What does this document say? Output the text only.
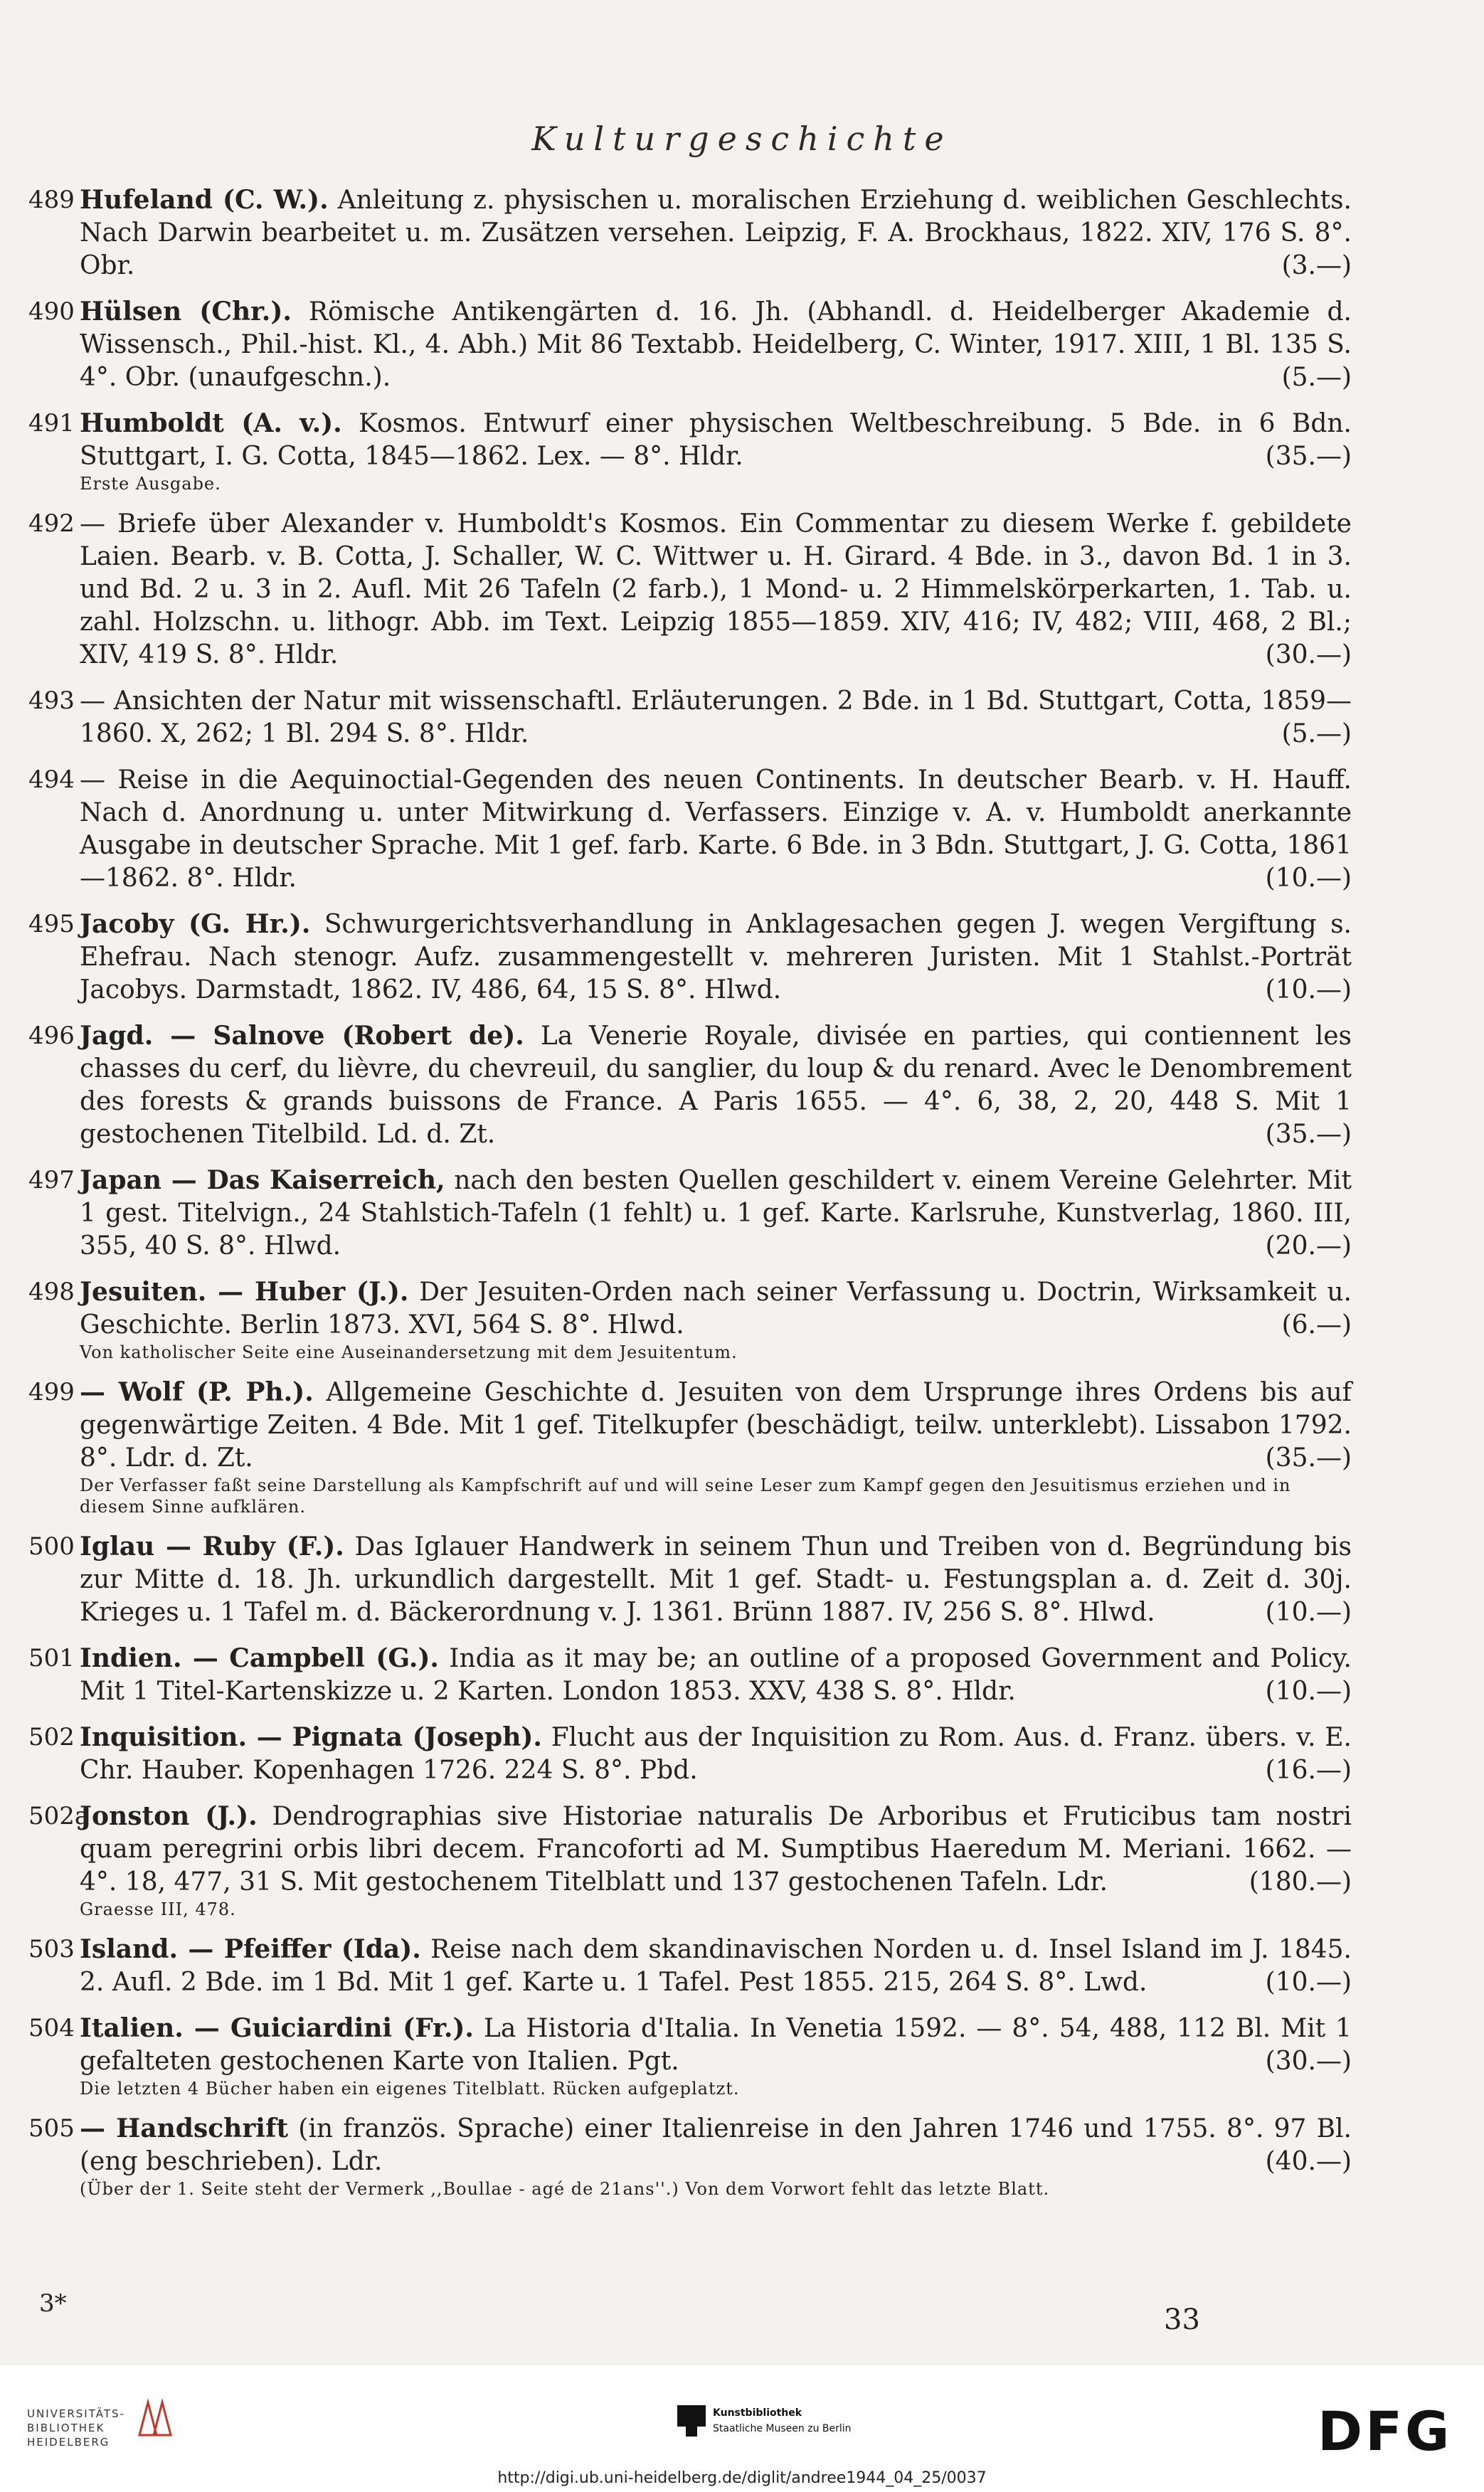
Kulturgeschichte
489 Hufeland (C. W.). Anleitung z. physischen u. moralischen Erziehung d. weiblichen Geschlechts. Nach Darwin bearbeitet u. m. Zusätzen versehen. Leipzig, F. A. Brockhaus, 1822. XIV, 176 S. 8°. Obr.	(3.—)
490 Hülsen (Chr.). Römische Antikengärten d. 16. Jh. (Abhandl. d. Heidelberger Akademie d. Wissensch., Phil.-hist. Kl., 4. Abh.) Mit 86 Textabb. Heidelberg, C. Winter, 1917. XIII, 1 Bl. 135 S. 4°. Obr. (unaufgeschn.).	(5.—)
491 Humboldt (A. v.). Kosmos. Entwurf einer physischen Weltbeschreibung. 5 Bde. in 6 Bdn. Stuttgart, I. G. Cotta, 1845—1862. Lex. — 8°. Hldr.	(35.—)
Erste Ausgabe.
492 — Briefe über Alexander v. Humboldt's Kosmos. Ein Commentar zu diesem Werke f. gebildete Laien. Bearb. v. B. Cotta, J. Schaller, W. C. Wittwer u. H. Girard. 4 Bde. in 3., davon Bd. 1 in 3. und Bd. 2 u. 3 in 2. Aufl. Mit 26 Tafeln (2 farb.), 1 Mond- u. 2 Himmelskörperkarten, 1. Tab. u. zahl. Holzschn. u. lithogr. Abb. im Text. Leipzig 1855—1859. XIV, 416; IV, 482; VIII, 468, 2 Bl.; XIV, 419 S. 8°. Hldr.	(30.—)
493 — Ansichten der Natur mit wissenschaftl. Erläuterungen. 2 Bde. in 1 Bd. Stuttgart, Cotta, 1859—1860. X, 262; 1 Bl. 294 S. 8°. Hldr.	(5.—)
494 — Reise in die Aequinoctial-Gegenden des neuen Continents. In deutscher Bearb. v. H. Hauff. Nach d. Anordnung u. unter Mitwirkung d. Verfassers. Einzige v. A. v. Humboldt anerkannte Ausgabe in deutscher Sprache. Mit 1 gef. farb. Karte. 6 Bde. in 3 Bdn. Stuttgart, J. G. Cotta, 1861—1862. 8°. Hldr.	(10.—)
495 Jacoby (G. Hr.). Schwurgerichtsverhandlung in Anklagesachen gegen J. wegen Vergiftung s. Ehefrau. Nach stenogr. Aufz. zusammengestellt v. mehreren Juristen. Mit 1 Stahlst.-Porträt Jacobys. Darmstadt, 1862. IV, 486, 64, 15 S. 8°. Hlwd.	(10.—)
496 Jagd. — Salnove (Robert de). La Venerie Royale, divisée en parties, qui contiennent les chasses du cerf, du lièvre, du chevreuil, du sanglier, du loup & du renard. Avec le Denombrement des forests & grands buissons de France. A Paris 1655. — 4°. 6, 38, 2, 20, 448 S. Mit 1 gestochenen Titelbild. Ld. d. Zt.	(35.—)
497 Japan — Das Kaiserreich, nach den besten Quellen geschildert v. einem Vereine Gelehrter. Mit 1 gest. Titelvign., 24 Stahlstich-Tafeln (1 fehlt) u. 1 gef. Karte. Karlsruhe, Kunstverlag, 1860. III, 355, 40 S. 8°. Hlwd.	(20.—)
498 Jesuiten. — Huber (J.). Der Jesuiten-Orden nach seiner Verfassung u. Doctrin, Wirksamkeit u. Geschichte. Berlin 1873. XVI, 564 S. 8°. Hlwd.	(6.—)
Von katholischer Seite eine Auseinandersetzung mit dem Jesuitentum.
499 — Wolf (P. Ph.). Allgemeine Geschichte d. Jesuiten von dem Ursprunge ihres Ordens bis auf gegenwärtige Zeiten. 4 Bde. Mit 1 gef. Titelkupfer (beschädigt, teilw. unterklebt). Lissabon 1792. 8°. Ldr. d. Zt.	(35.—)
Der Verfasser faßt seine Darstellung als Kampfschrift auf und will seine Leser zum Kampf gegen den Jesuitismus erziehen und in diesem Sinne aufklären.
500 Iglau — Ruby (F.). Das Iglauer Handwerk in seinem Thun und Treiben von d. Begründung bis zur Mitte d. 18. Jh. urkundlich dargestellt. Mit 1 gef. Stadt- u. Festungsplan a. d. Zeit d. 30j. Krieges u. 1 Tafel m. d. Bäckerordnung v. J. 1361. Brünn 1887. IV, 256 S. 8°. Hlwd.	(10.—)
501 Indien. — Campbell (G.). India as it may be; an outline of a proposed Government and Policy. Mit 1 Titel-Kartenskizze u. 2 Karten. London 1853. XXV, 438 S. 8°. Hldr.	(10.—)
502 Inquisition. — Pignata (Joseph). Flucht aus der Inquisition zu Rom. Aus. d. Franz. übers. v. E. Chr. Hauber. Kopenhagen 1726. 224 S. 8°. Pbd.	(16.—)
502a
Jonston (J.). Dendrographias sive Historiae naturalis De Arboribus et Fruticibus tam nostri quam peregrini orbis libri decem. Francoforti ad M. Sumptibus Haeredum M. Meriani. 1662. — 4°. 18, 477, 31 S. Mit gestochenem Titelblatt und 137 gestochenen Tafeln. Ldr.	(180.—)
Graesse III, 478.
503 Island. — Pfeiffer (Ida). Reise nach dem skandinavischen Norden u. d. Insel Island im J. 1845. 2. Aufl. 2 Bde. im 1 Bd. Mit 1 gef. Karte u. 1 Tafel. Pest 1855. 215, 264 S. 8°. Lwd.	(10.—)
504 Italien. — Guiciardini (Fr.). La Historia d'Italia. In Venetia 1592. — 8°. 54, 488, 112 Bl. Mit 1 gefalteten gestochenen Karte von Italien. Pgt.	(30.—)
Die letzten 4 Bücher haben ein eigenes Titelblatt. Rücken aufgeplatzt.
505 — Handschrift (in französ. Sprache) einer Italienreise in den Jahren 1746 und 1755. 8°. 97 Bl. (eng beschrieben). Ldr.	(40.—)
(Über der 1. Seite steht der Vermerk ,,Boullae - agé de 21ans''.) Von dem Vorwort fehlt das letzte Blatt.
3*	33
UNIVERSITÄTS-
BIBLIOTHEK
HEIDELBERG
Kunstbibliothek
Staatliche Museen zu Berlin	DFG
http://digi.ub.uni-heidelberg.de/diglit/andree1944_04_25/0037
